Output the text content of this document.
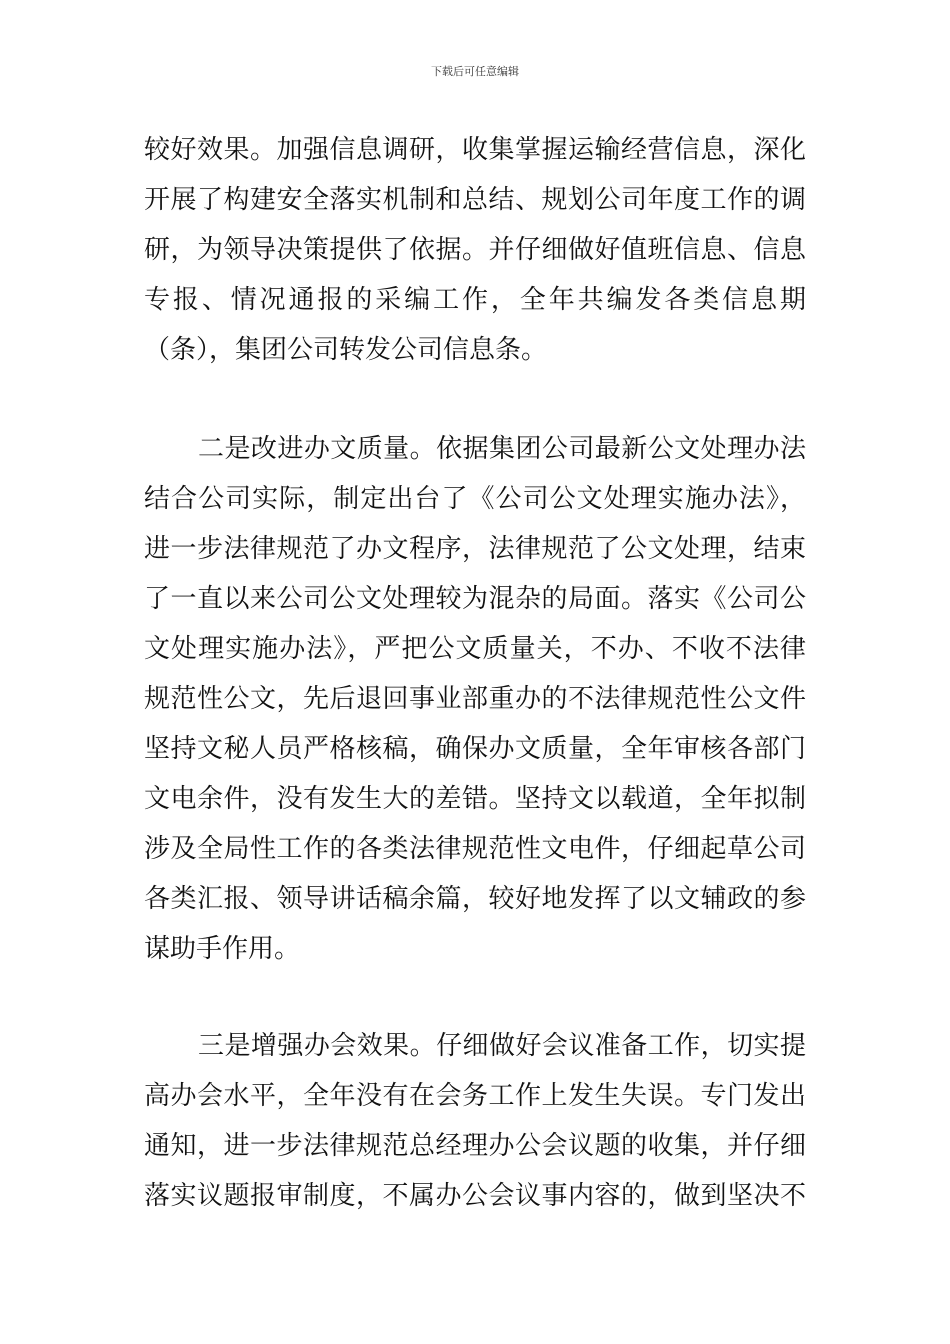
下载后可任意编辑
较好效果。加强信息调研，收集掌握运输经营信息，深化
开展了构建安全落实机制和总结、规划公司年度工作的调
研，为领导决策提供了依据。并仔细做好值班信息、信息
专报、情况通报的采编工作，全年共编发各类信息期
（条），集团公司转发公司信息条。
二是改进办文质量。依据集团公司最新公文处理办法
结合公司实际，制定出台了《公司公文处理实施办法》，
进一步法律规范了办文程序，法律规范了公文处理，结束
了一直以来公司公文处理较为混杂的局面。落实《公司公
文处理实施办法》，严把公文质量关，不办、不收不法律
规范性公文，先后退回事业部重办的不法律规范性公文件
坚持文秘人员严格核稿，确保办文质量，全年审核各部门
文电余件，没有发生大的差错。坚持文以载道，全年拟制
涉及全局性工作的各类法律规范性文电件，仔细起草公司
各类汇报、领导讲话稿余篇，较好地发挥了以文辅政的参
谋助手作用。
三是增强办会效果。仔细做好会议准备工作，切实提
高办会水平，全年没有在会务工作上发生失误。专门发出
通知，进一步法律规范总经理办公会议题的收集，并仔细
落实议题报审制度，不属办公会议事内容的，做到坚决不
